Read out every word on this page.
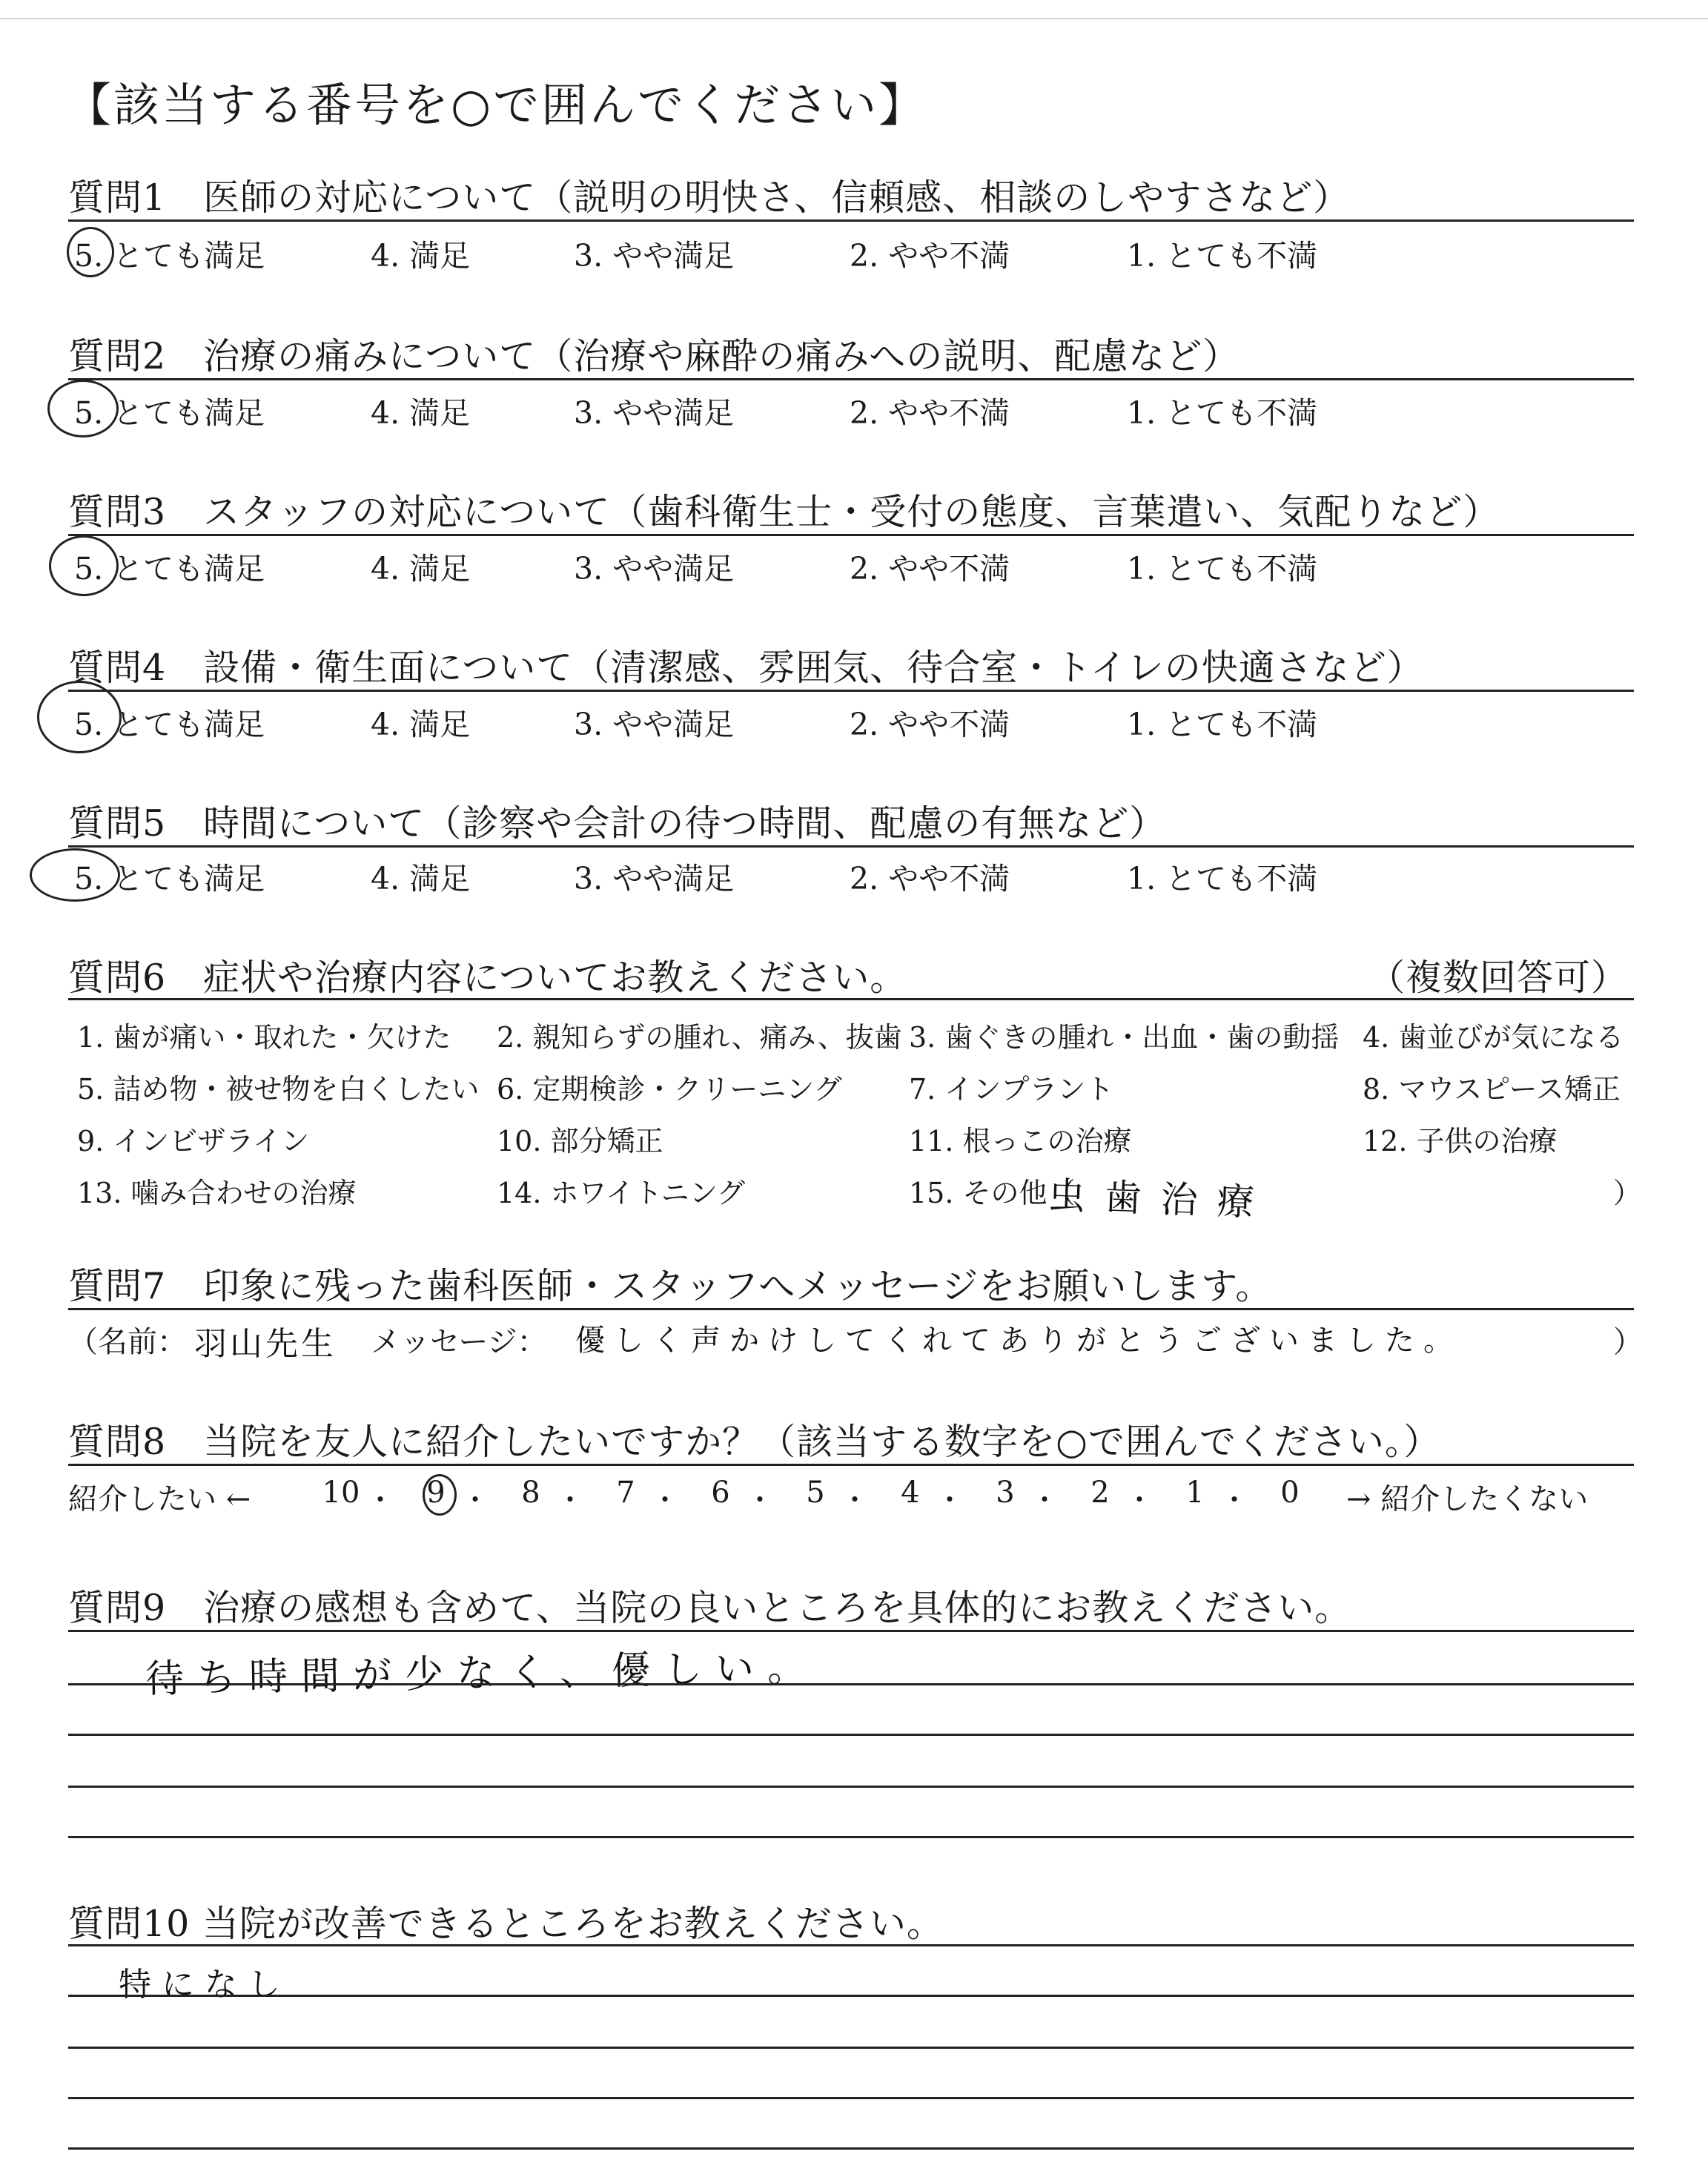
【該当する番号を○で囲んでください】
質問1　医師の対応について（説明の明快さ、信頼感、相談のしやすさなど）
5. とても満足	4. 満足	3. やや満足	2. やや不満	1. とても不満
質問2　治療の痛みについて（治療や麻酔の痛みへの説明、配慮など）
5. とても満足	4. 満足	3. やや満足	2. やや不満	1. とても不満
質問3　スタッフの対応について（歯科衛生士・受付の態度、言葉遣い、気配りなど）
5. とても満足	4. 満足	3. やや満足	2. やや不満	1. とても不満
質問4　設備・衛生面について（清潔感、雰囲気、待合室・トイレの快適さなど）
5. とても満足	4. 満足	3. やや満足	2. やや不満	1. とても不満
質問5　時間について（診察や会計の待つ時間、配慮の有無など）
5. とても満足	4. 満足	3. やや満足	2. やや不満	1. とても不満
質問6　症状や治療内容についてお教えください。	（複数回答可）
1. 歯が痛い・取れた・欠けた 2. 親知らずの腫れ、痛み、抜歯 3. 歯ぐきの腫れ・出血・歯の動揺 4. 歯並びが気になる
5. 詰め物・被せ物を白くしたい 6. 定期検診・クリーニング 7. インプラント	8. マウスピース矯正
9. インビザライン	10. 部分矯正	11. 根っこの治療	12. 子供の治療
13. 噛み合わせの治療	14. ホワイトニング	15. その他（
虫歯治療	）
質問7　印象に残った歯科医師・スタッフへメッセージをお願いします。
（名前： 羽山先生 メッセージ： 優しく声かけしてくれてありがとうございました。	）
質問8　当院を友人に紹介したいですか？（該当する数字を○で囲んでください。）
紹介したい ← 10 ・	9 ・	8 ・	7 ・	6 ・	5 ・	4 ・	3 ・	2 ・	1 ・	0	→ 紹介したくない
質問9　治療の感想も含めて、当院の良いところを具体的にお教えください。
待ち時間が少なく、優しい。
質問10 当院が改善できるところをお教えください。
特になし
